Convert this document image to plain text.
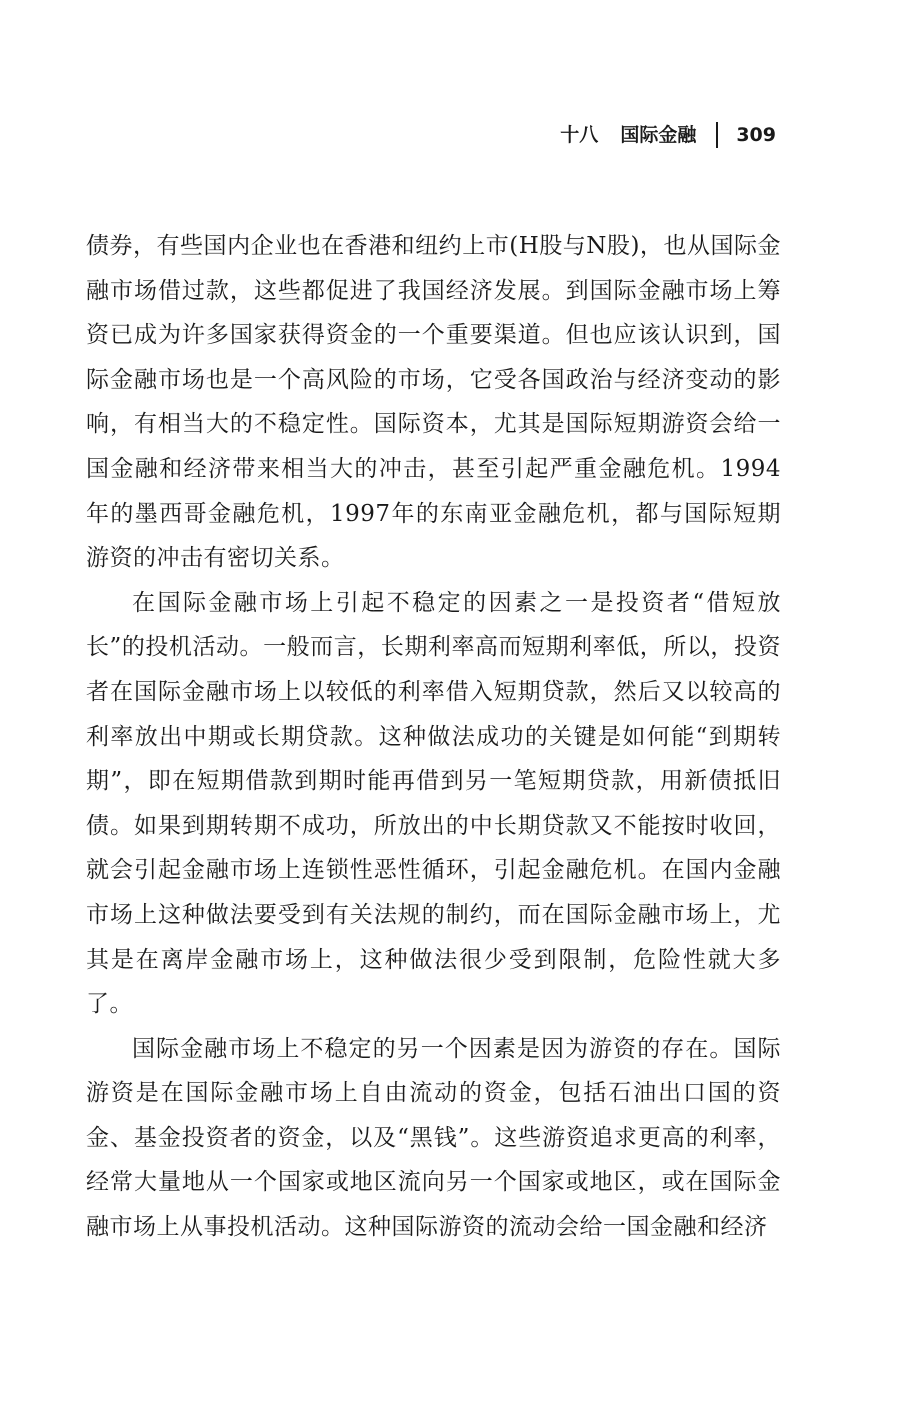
十八 国际金融 309

债券，有些国内企业也在香港和纽约上市(H股与N股)，也从国际金融市场借过款，这些都促进了我国经济发展。到国际金融市场上筹资已成为许多国家获得资金的一个重要渠道。但也应该认识到，国际金融市场也是一个高风险的市场，它受各国政治与经济变动的影响，有相当大的不稳定性。国际资本，尤其是国际短期游资会给一国金融和经济带来相当大的冲击，甚至引起严重金融危机。1994年的墨西哥金融危机，1997年的东南亚金融危机，都与国际短期游资的冲击有密切关系。

在国际金融市场上引起不稳定的因素之一是投资者“借短放长”的投机活动。一般而言，长期利率高而短期利率低，所以，投资者在国际金融市场上以较低的利率借入短期贷款，然后又以较高的利率放出中期或长期贷款。这种做法成功的关键是如何能“到期转期”，即在短期借款到期时能再借到另一笔短期贷款，用新债抵旧债。如果到期转期不成功，所放出的中长期贷款又不能按时收回，就会引起金融市场上连锁性恶性循环，引起金融危机。在国内金融市场上这种做法要受到有关法规的制约，而在国际金融市场上，尤其是在离岸金融市场上，这种做法很少受到限制，危险性就大多了。

国际金融市场上不稳定的另一个因素是因为游资的存在。国际游资是在国际金融市场上自由流动的资金，包括石油出口国的资金、基金投资者的资金，以及“黑钱”。这些游资追求更高的利率，经常大量地从一个国家或地区流向另一个国家或地区，或在国际金融市场上从事投机活动。这种国际游资的流动会给一国金融和经济
